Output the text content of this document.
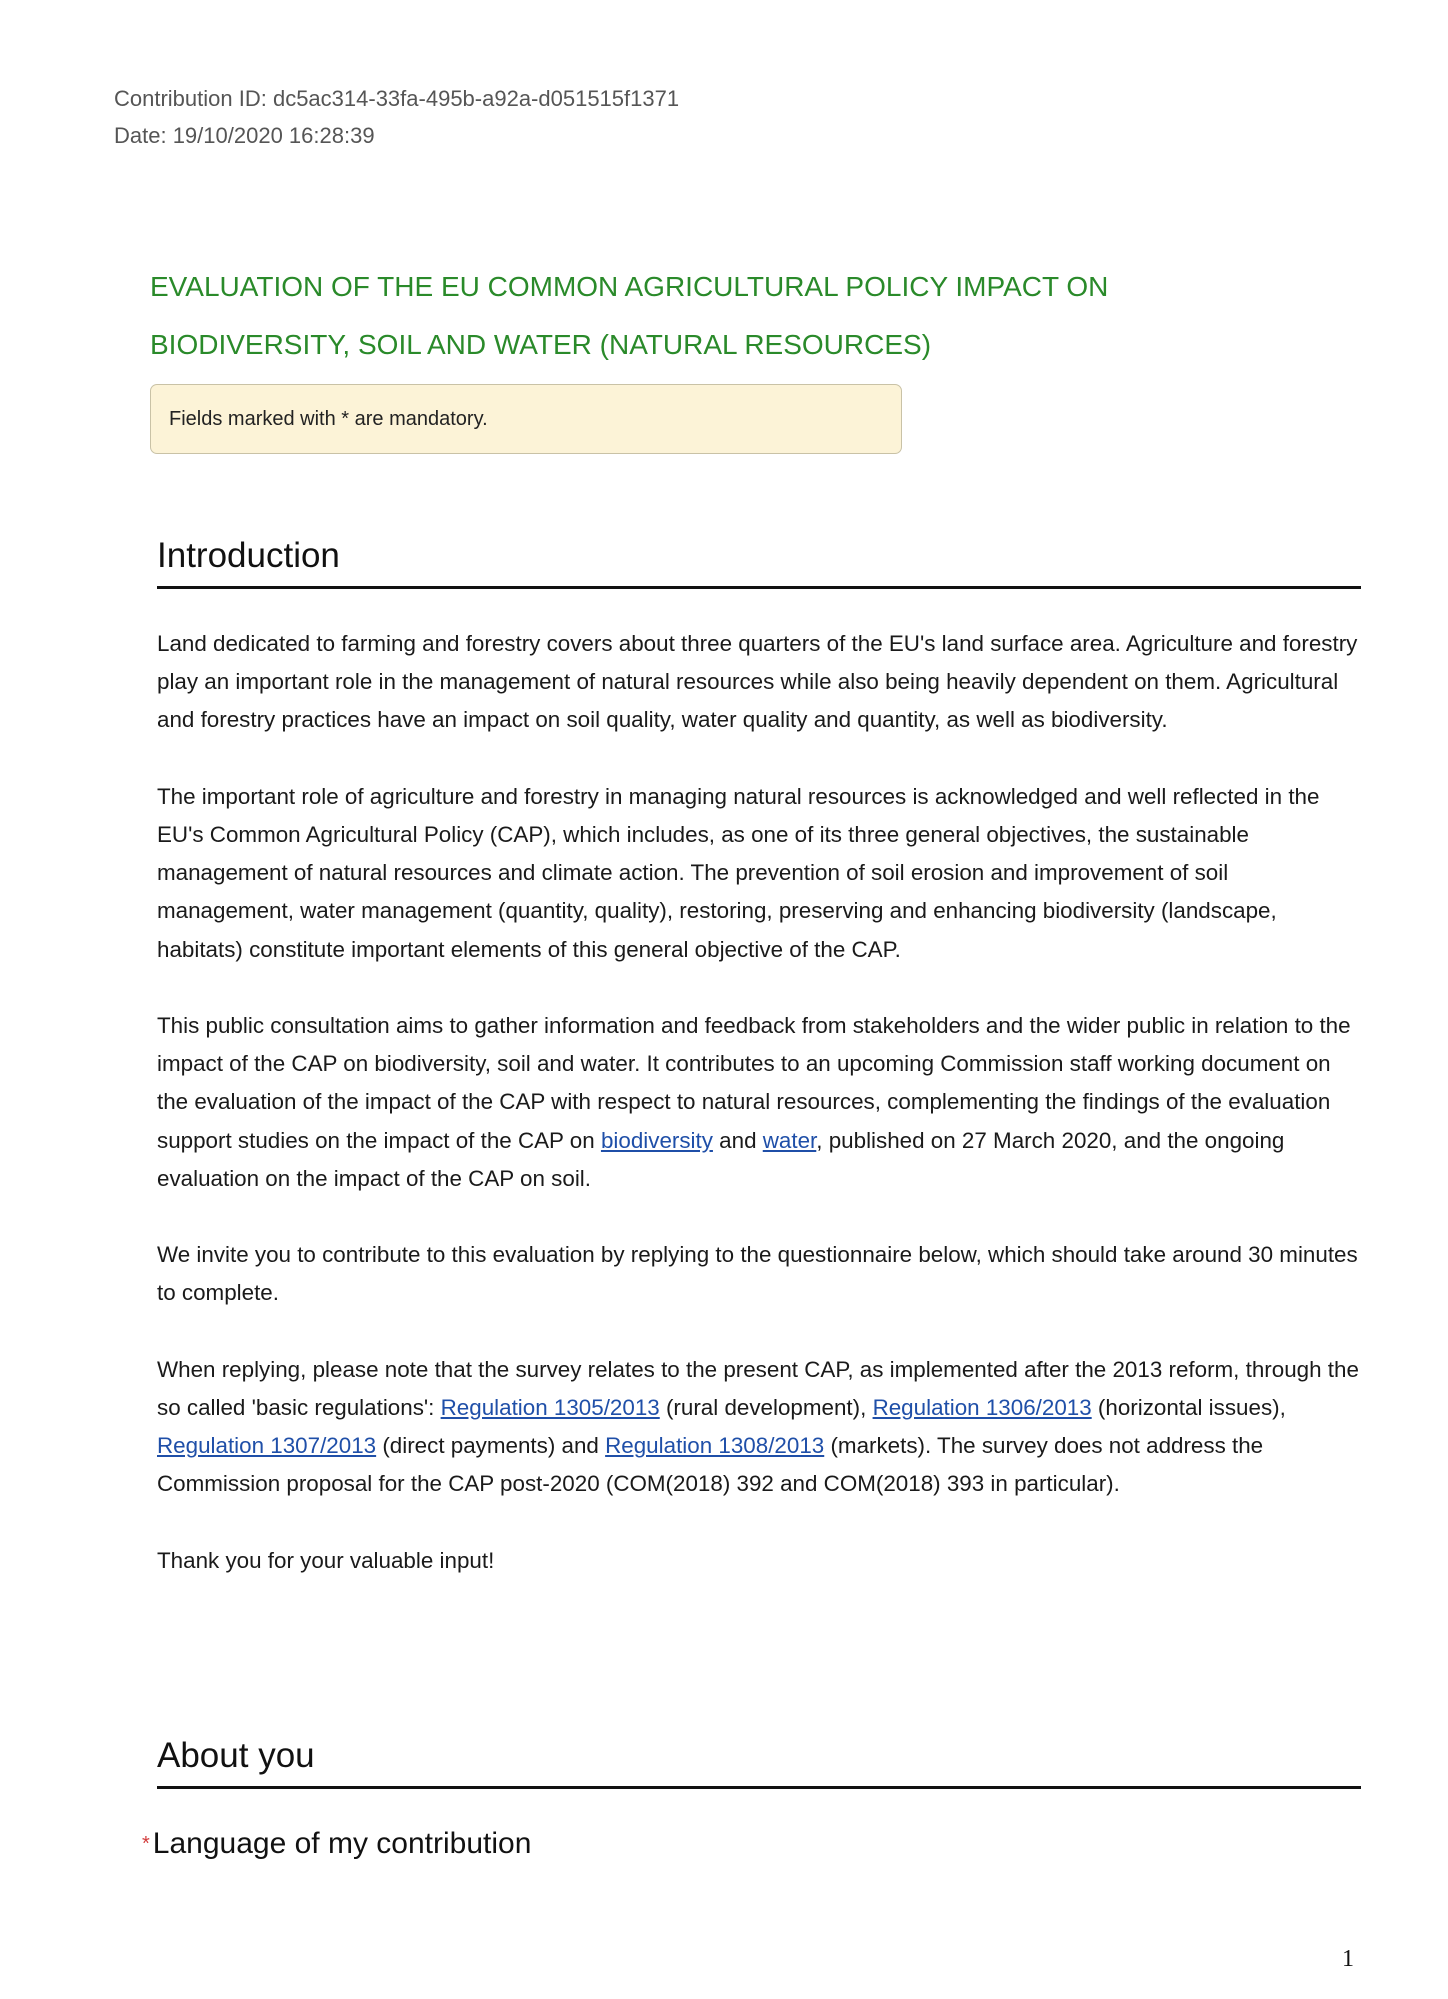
Contribution ID: dc5ac314-33fa-495b-a92a-d051515f1371
Date: 19/10/2020 16:28:39
EVALUATION OF THE EU COMMON AGRICULTURAL POLICY IMPACT ON
BIODIVERSITY, SOIL AND WATER (NATURAL RESOURCES)
Fields marked with * are mandatory.
Introduction

Land dedicated to farming and forestry covers about three quarters of the EU's land surface area. Agriculture and forestry play an important role in the management of natural resources while also being heavily dependent on them. Agricultural and forestry practices have an impact on soil quality, water quality and quantity, as well as biodiversity.

The important role of agriculture and forestry in managing natural resources is acknowledged and well reflected in the EU's Common Agricultural Policy (CAP), which includes, as one of its three general objectives, the sustainable management of natural resources and climate action. The prevention of soil erosion and improvement of soil management, water management (quantity, quality), restoring, preserving and enhancing biodiversity (landscape, habitats) constitute important elements of this general objective of the CAP.

This public consultation aims to gather information and feedback from stakeholders and the wider public in relation to the impact of the CAP on biodiversity, soil and water. It contributes to an upcoming Commission staff working document on the evaluation of the impact of the CAP with respect to natural resources, complementing the findings of the evaluation support studies on the impact of the CAP on biodiversity and water, published on 27 March 2020, and the ongoing evaluation on the impact of the CAP on soil.

We invite you to contribute to this evaluation by replying to the questionnaire below, which should take around 30 minutes to complete.

When replying, please note that the survey relates to the present CAP, as implemented after the 2013 reform, through the so called 'basic regulations': Regulation 1305/2013 (rural development), Regulation 1306/2013 (horizontal issues), Regulation 1307/2013 (direct payments) and Regulation 1308/2013 (markets). The survey does not address the Commission proposal for the CAP post-2020 (COM(2018) 392 and COM(2018) 393 in particular).

Thank you for your valuable input!

About you
* Language of my contribution
1
